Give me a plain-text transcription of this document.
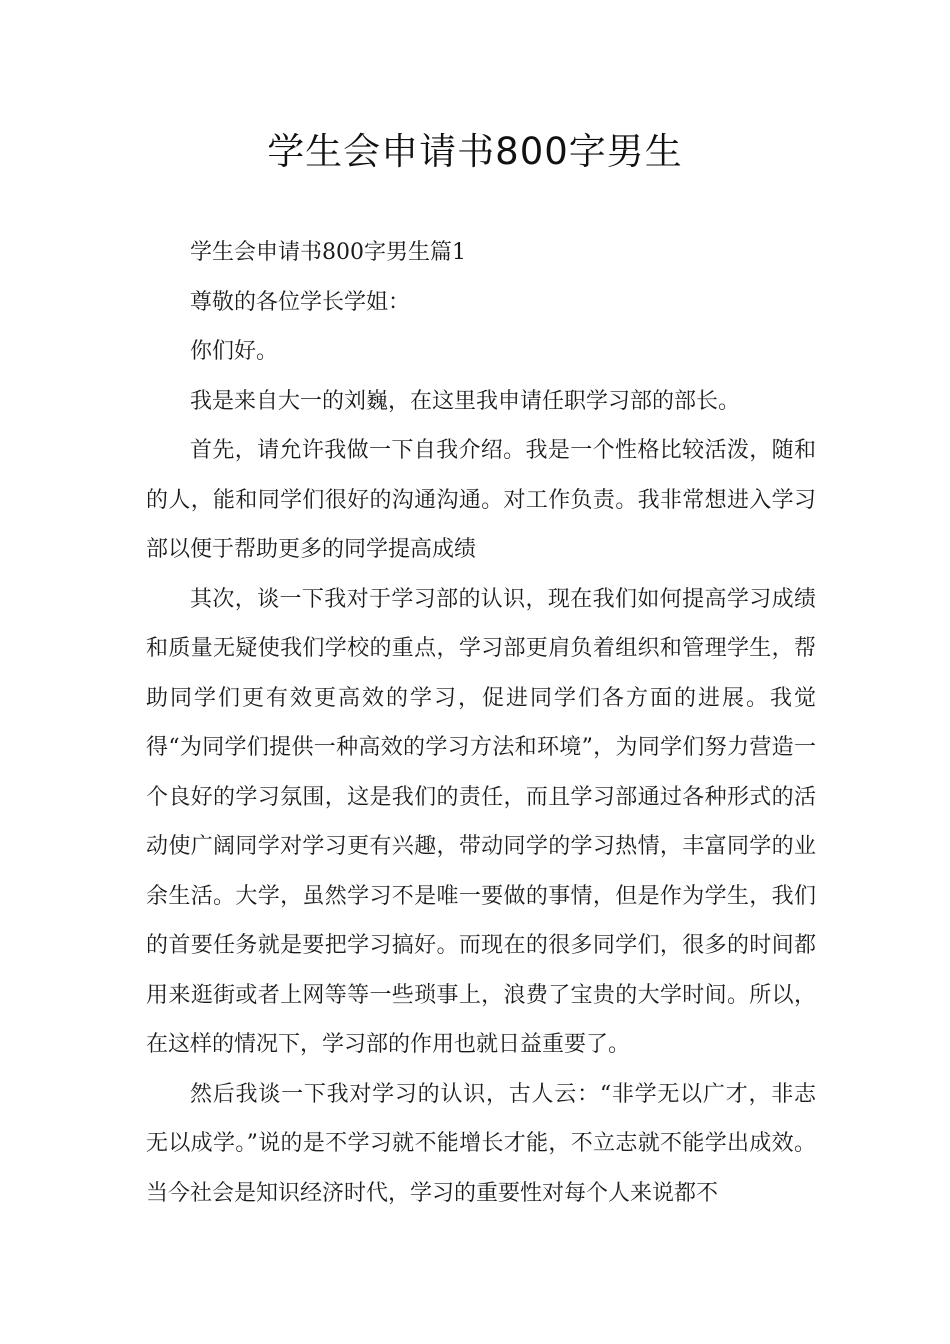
学生会申请书800字男生

学生会申请书800字男生篇1

尊敬的各位学长学姐：

你们好。

我是来自大一的刘巍，在这里我申请任职学习部的部长。

首先，请允许我做一下自我介绍。我是一个性格比较活泼，随和的人，能和同学们很好的沟通沟通。对工作负责。我非常想进入学习部以便于帮助更多的同学提高成绩

其次，谈一下我对于学习部的认识，现在我们如何提高学习成绩和质量无疑使我们学校的重点，学习部更肩负着组织和管理学生，帮助同学们更有效更高效的学习，促进同学们各方面的进展。我觉得“为同学们提供一种高效的学习方法和环境”，为同学们努力营造一个良好的学习氛围，这是我们的责任，而且学习部通过各种形式的活动使广阔同学对学习更有兴趣，带动同学的学习热情，丰富同学的业余生活。大学，虽然学习不是唯一要做的事情，但是作为学生，我们的首要任务就是要把学习搞好。而现在的很多同学们，很多的时间都用来逛街或者上网等等一些琐事上，浪费了宝贵的大学时间。所以，在这样的情况下，学习部的作用也就日益重要了。

然后我谈一下我对学习的认识，古人云：“非学无以广才，非志无以成学。”说的是不学习就不能增长才能，不立志就不能学出成效。当今社会是知识经济时代，学习的重要性对每个人来说都不
